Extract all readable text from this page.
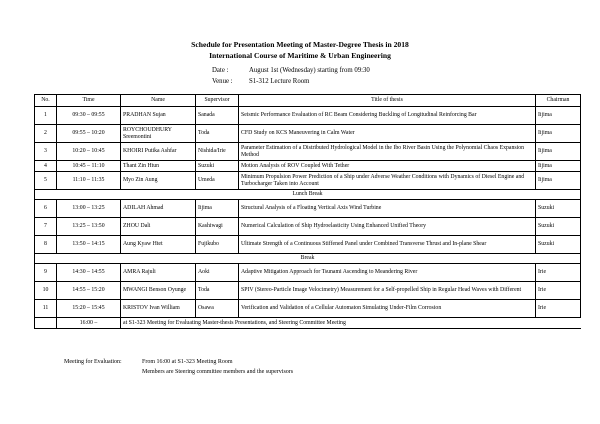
Schedule for Presentation Meeting of Master-Degree Thesis in 2018
International Course of Maritime & Urban Engineering
Date :	August 1st (Wednesday) starting from 09:30
Venue : S1-312 Lecture Room
No.	Time	Name	Supervisor	Title of thesis	Chairman
1	09:30 – 09:55	PRADHAN Sujan	Sanada	Seismic Performance Evaluation of RC Beam Considering Buckling of Longitudinal Reinforcing Bar	Iijima
2	09:55 – 10:20	ROYCHOUDHURY Sreemontini	Toda	CFD Study on KCS Maneuvering in Calm Water	Iijima
3	10:20 – 10:45	KHOIRI Putika Ashfar	Nishida/Irie	Parameter Estimation of a Distributed Hydrological Model in the Ibo River Basin Using the Polynomial Chaos Expansion Method	Iijima
4	10:45 – 11:10	Thant Zin Htun	Suzuki	Motion Analysis of ROV Coupled With Tether	Iijima
5	11:10 – 11:35	Myo Zin Aung	Umeda	Minimum Propulsion Power Prediction of a Ship under Adverse Weather Conditions with Dynamics of Diesel Engine and Turbocharger Taken into Account	Iijima
Lunch Break					
6	13:00 – 13:25	ADILAH Ahmad	Iijima	Structural Analysis of a Floating Vertical Axis Wind Turbine	Suzuki
7	13:25 – 13:50	ZHOU Dali	Kashiwagi	Numerical Calculation of Ship Hydroelasticity Using Enhanced Unified Theory	Suzuki
8	13:50 – 14:15	Aung Kyaw Htet	Fujikubo	Ultimate Strength of a Continuous Stiffened Panel under Combined Transverse Thrust and In-plane Shear	Suzuki
Break					
9	14:30 – 14:55	AMRA Rajuli	Aoki	Adaptive Mitigation Approach for Tsunami Ascending to Meandering River	Irie
10	14:55 – 15:20	MWANGI Benson Oyunge	Toda	SPIV (Stereo-Particle Image Velocimetry) Measurement for a Self-propelled Ship in Regular Head Waves with Different	Irie
11	15:20 – 15:45	KRISTOV Ivan William	Osawa	Verification and Validation of a Cellular Automaton Simulating Under-Film Corrosion	Irie
	16:00 –	at S1-323 Meeting for Evaluating Master-thesis Presentations, and Steering Committee Meeting			
Meeting for Evaluation:	From 16:00 at S1-323 Meeting Room
Members are Steering committee members and the supervisors
